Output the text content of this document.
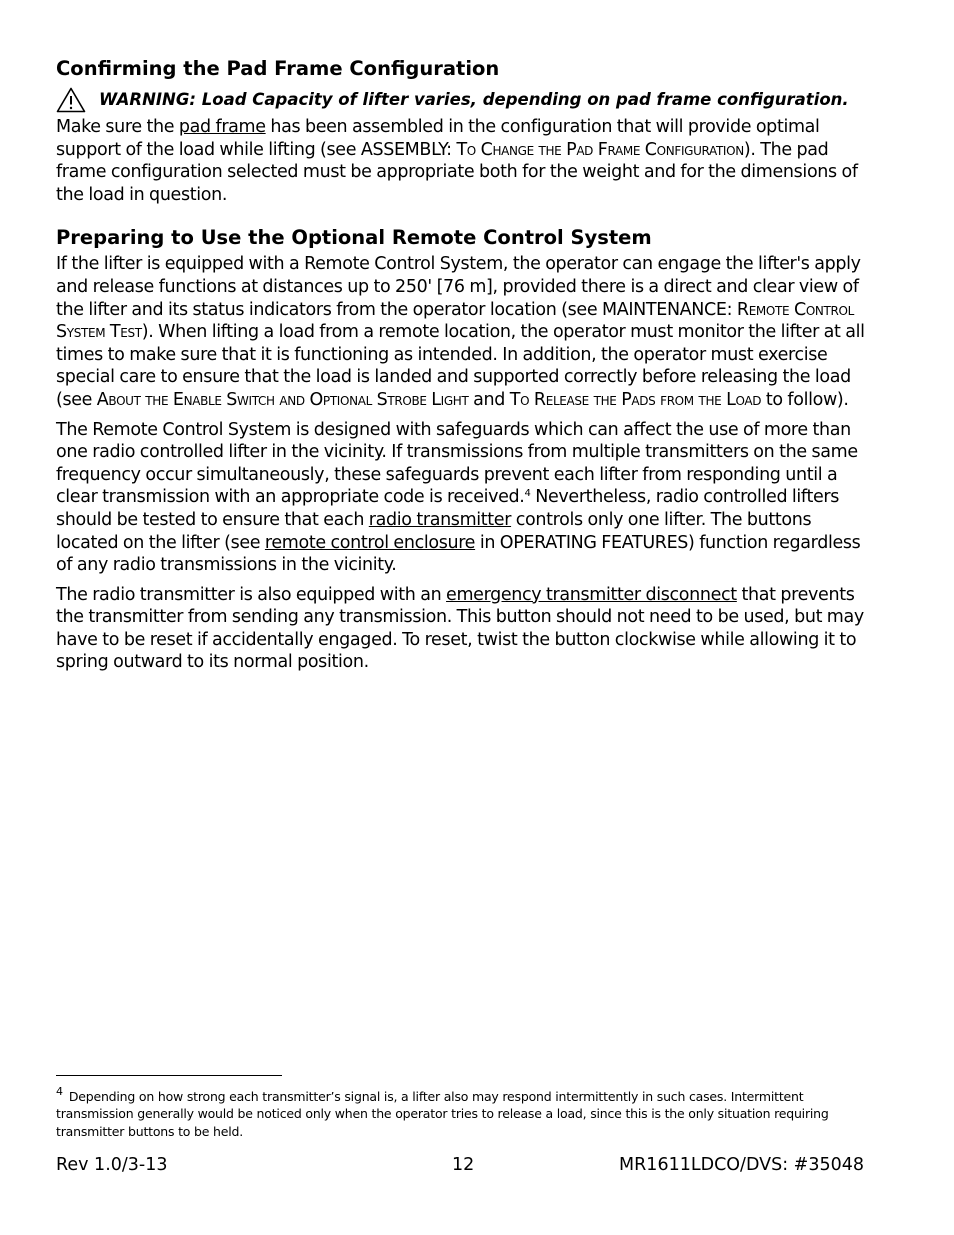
Confirming the Pad Frame Configuration
WARNING: Load Capacity of lifter varies, depending on pad frame configuration.

Make sure the pad frame has been assembled in the configuration that will provide optimal support of the load while lifting (see ASSEMBLY: To Change the Pad Frame Configuration). The pad frame configuration selected must be appropriate both for the weight and for the dimensions of the load in question.

Preparing to Use the Optional Remote Control System

If the lifter is equipped with a Remote Control System, the operator can engage the lifter's apply and release functions at distances up to 250' [76 m], provided there is a direct and clear view of the lifter and its status indicators from the operator location (see MAINTENANCE: Remote Control System Test). When lifting a load from a remote location, the operator must monitor the lifter at all times to make sure that it is functioning as intended. In addition, the operator must exercise special care to ensure that the load is landed and supported correctly before releasing the load (see About the Enable Switch and Optional Strobe Light and To Release the Pads from the Load to follow).

The Remote Control System is designed with safeguards which can affect the use of more than one radio controlled lifter in the vicinity. If transmissions from multiple transmitters on the same frequency occur simultaneously, these safeguards prevent each lifter from responding until a clear transmission with an appropriate code is received.$^4$ Nevertheless, radio controlled lifters should be tested to ensure that each radio transmitter controls only one lifter. The buttons located on the lifter (see remote control enclosure in OPERATING FEATURES) function regardless of any radio transmissions in the vicinity.

The radio transmitter is also equipped with an emergency transmitter disconnect that prevents the transmitter from sending any transmission. This button should not need to be used, but may have to be reset if accidentally engaged. To reset, twist the button clockwise while allowing it to spring outward to its normal position.

$^4$ Depending on how strong each transmitter’s signal is, a lifter also may respond intermittently in such cases. Intermittent transmission generally would be noticed only when the operator tries to release a load, since this is the only situation requiring transmitter buttons to be held.
Rev 1.0/3-13	12	MR1611LDCO/DVS: #35048
